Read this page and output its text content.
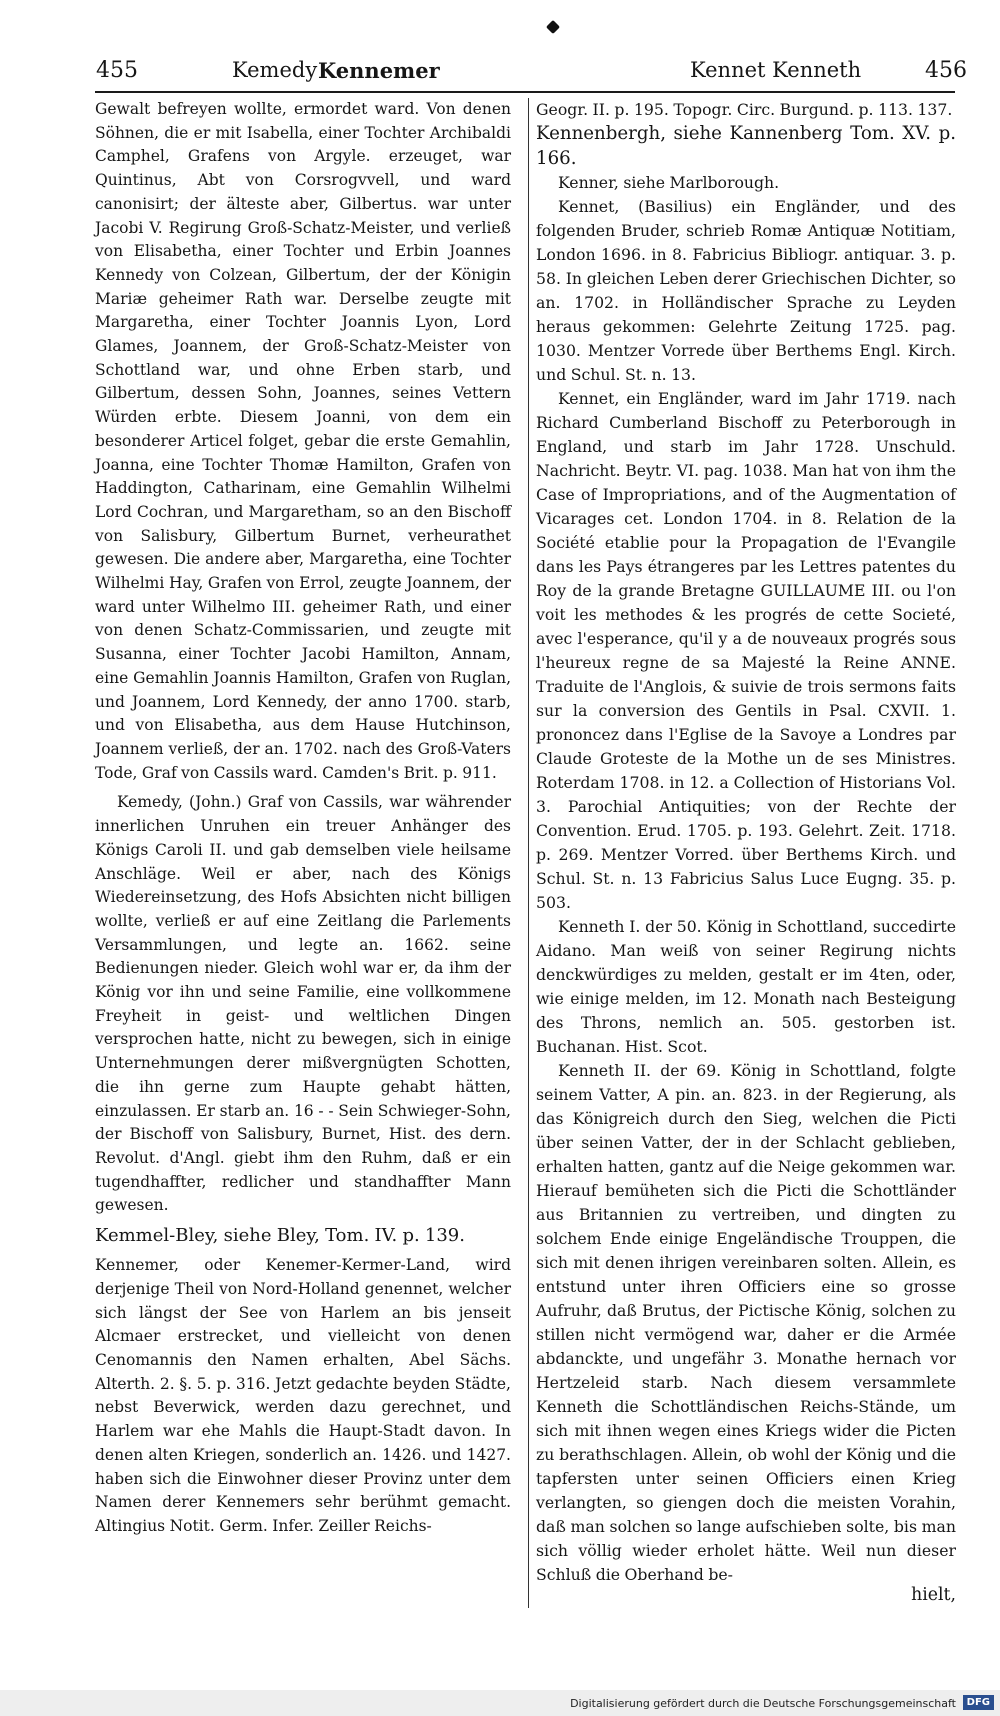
455	Kemedy Kennemer	Kennet Kenneth	456

Gewalt befreyen wollte, ermordet ward. Von denen Söhnen, die er mit Isabella, einer Tochter Archibaldi Camphel, Grafens von Argyle. erzeuget, war Quintinus, Abt von Corsrogvvell, und ward canonisirt; der älteste aber, Gilbertus. war unter Jacobi V. Regirung Groß-Schatz-Meister, und verließ von Elisabetha, einer Tochter und Erbin Joannes Kennedy von Colzean, Gilbertum, der der Königin Mariæ geheimer Rath war. Derselbe zeugte mit Margaretha, einer Tochter Joannis Lyon, Lord Glames, Joannem, der Groß-Schatz-Meister von Schottland war, und ohne Erben starb, und Gilbertum, dessen Sohn, Joannes, seines Vettern Würden erbte. Diesem Joanni, von dem ein besonderer Articel folget, gebar die erste Gemahlin, Joanna, eine Tochter Thomæ Hamilton, Grafen von Haddington, Catharinam, eine Gemahlin Wilhelmi Lord Cochran, und Margaretham, so an den Bischoff von Salisbury, Gilbertum Burnet, verheurathet gewesen. Die andere aber, Margaretha, eine Tochter Wilhelmi Hay, Grafen von Errol, zeugte Joannem, der ward unter Wilhelmo III. geheimer Rath, und einer von denen Schatz-Commissarien, und zeugte mit Susanna, einer Tochter Jacobi Hamilton, Annam, eine Gemahlin Joannis Hamilton, Grafen von Ruglan, und Joannem, Lord Kennedy, der anno 1700. starb, und von Elisabetha, aus dem Hause Hutchinson, Joannem verließ, der an. 1702. nach des Groß-Vaters Tode, Graf von Cassils ward. Camden's Brit. p. 911.

Kemedy, (John.) Graf von Cassils, war währender innerlichen Unruhen ein treuer Anhänger des Königs Caroli II. und gab demselben viele heilsame Anschläge. Weil er aber, nach des Königs Wiedereinsetzung, des Hofs Absichten nicht billigen wollte, verließ er auf eine Zeitlang die Parlements Versammlungen, und legte an. 1662. seine Bedienungen nieder. Gleich wohl war er, da ihm der König vor ihn und seine Familie, eine vollkommene Freyheit in geist- und weltlichen Dingen versprochen hatte, nicht zu bewegen, sich in einige Unternehmungen derer mißvergnügten Schotten, die ihn gerne zum Haupte gehabt hätten, einzulassen. Er starb an. 16 - - Sein Schwieger-Sohn, der Bischoff von Salisbury, Burnet, Hist. des dern. Revolut. d'Angl. giebt ihm den Ruhm, daß er ein tugendhaffter, redlicher und standhaffter Mann gewesen.

Kemmel-Bley, siehe Bley, Tom. IV. p. 139.

Kennemer, oder Kenemer-Kermer-Land, wird derjenige Theil von Nord-Holland genennet, welcher sich längst der See von Harlem an bis jenseit Alcmaer erstrecket, und vielleicht von denen Cenomannis den Namen erhalten, Abel Sächs. Alterth. 2. §. 5. p. 316. Jetzt gedachte beyden Städte, nebst Beverwick, werden dazu gerechnet, und Harlem war ehe Mahls die Haupt-Stadt davon. In denen alten Kriegen, sonderlich an. 1426. und 1427. haben sich die Einwohner dieser Provinz unter dem Namen derer Kennemers sehr berühmt gemacht. Altingius Notit. Germ. Infer. Zeiller Reichs-

Geogr. II. p. 195. Topogr. Circ. Burgund. p. 113. 137.

Kennenbergh, siehe Kannenberg Tom. XV. p. 166.

Kenner, siehe Marlborough.

Kennet, (Basilius) ein Engländer, und des folgenden Bruder, schrieb Romæ Antiquæ Notitiam, London 1696. in 8. Fabricius Bibliogr. antiquar. 3. p. 58. In gleichen Leben derer Griechischen Dichter, so an. 1702. in Holländischer Sprache zu Leyden heraus gekommen: Gelehrte Zeitung 1725. pag. 1030. Mentzer Vorrede über Berthems Engl. Kirch. und Schul. St. n. 13.

Kennet, ein Engländer, ward im Jahr 1719. nach Richard Cumberland Bischoff zu Peterborough in England, und starb im Jahr 1728. Unschuld. Nachricht. Beytr. VI. pag. 1038. Man hat von ihm the Case of Impropriations, and of the Augmentation of Vicarages cet. London 1704. in 8. Relation de la Société etablie pour la Propagation de l'Evangile dans les Pays étrangeres par les Lettres patentes du Roy de la grande Bretagne GUILLAUME III. ou l'on voit les methodes & les progrés de cette Societé, avec l'esperance, qu'il y a de nouveaux progrés sous l'heureux regne de sa Majesté la Reine ANNE. Traduite de l'Anglois, & suivie de trois sermons faits sur la conversion des Gentils in Psal. CXVII. 1. prononcez dans l'Eglise de la Savoye a Londres par Claude Groteste de la Mothe un de ses Ministres. Roterdam 1708. in 12. a Collection of Historians Vol. 3. Parochial Antiquities; von der Rechte der Convention. Erud. 1705. p. 193. Gelehrt. Zeit. 1718. p. 269. Mentzer Vorred. über Berthems Kirch. und Schul. St. n. 13 Fabricius Salus Luce Eugng. 35. p. 503.

Kenneth I. der 50. König in Schottland, succedirte Aidano. Man weiß von seiner Regirung nichts denckwürdiges zu melden, gestalt er im 4ten, oder, wie einige melden, im 12. Monath nach Besteigung des Throns, nemlich an. 505. gestorben ist. Buchanan. Hist. Scot.

Kenneth II. der 69. König in Schottland, folgte seinem Vatter, A pin. an. 823. in der Regierung, als das Königreich durch den Sieg, welchen die Picti über seinen Vatter, der in der Schlacht geblieben, erhalten hatten, gantz auf die Neige gekommen war. Hierauf bemüheten sich die Picti die Schottländer aus Britannien zu vertreiben, und dingten zu solchem Ende einige Engeländische Trouppen, die sich mit denen ihrigen vereinbaren solten. Allein, es entstund unter ihren Officiers eine so grosse Aufruhr, daß Brutus, der Pictische König, solchen zu stillen nicht vermögend war, daher er die Armée abdanckte, und ungefähr 3. Monathe hernach vor Hertzeleid starb. Nach diesem versammlete Kenneth die Schottländischen Reichs-Stände, um sich mit ihnen wegen eines Kriegs wider die Picten zu berathschlagen. Allein, ob wohl der König und die tapfersten unter seinen Officiers einen Krieg verlangten, so giengen doch die meisten Vorahin, daß man solchen so lange aufschieben solte, bis man sich völlig wieder erholet hätte. Weil nun dieser Schluß die Oberhand be-

hielt,
Digitalisierung gefördert durch die Deutsche Forschungsgemeinschaft	DFG
